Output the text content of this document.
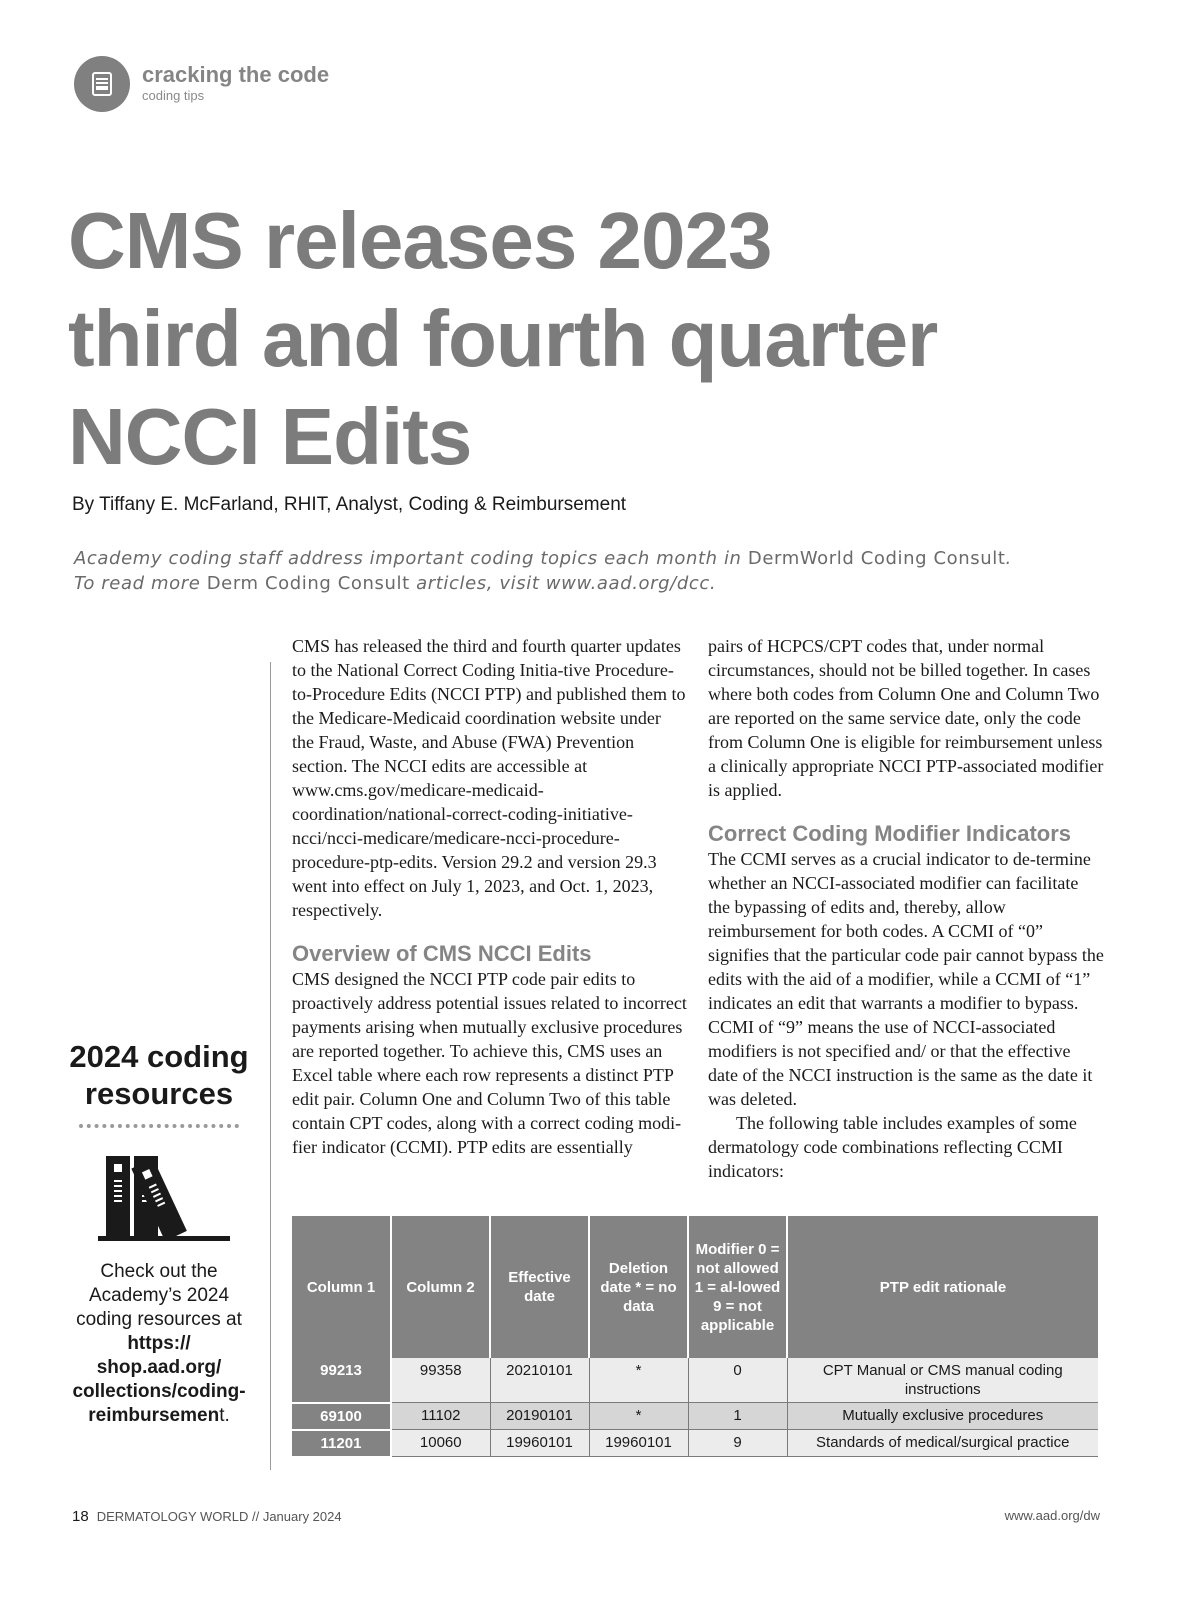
cracking the code
coding tips
CMS releases 2023
third and fourth quarter
NCCI Edits
By Tiffany E. McFarland, RHIT, Analyst, Coding & Reimbursement
Academy coding staff address important coding topics each month in DermWorld Coding Consult. To read more Derm Coding Consult articles, visit www.aad.org/dcc.
2024 coding resources
Check out the Academy’s 2024 coding resources at https:// shop.aad.org/ collections/coding-reimbursement.

CMS has released the third and fourth quarter updates to the National Correct Coding Initia-tive Procedure-to-Procedure Edits (NCCI PTP) and published them to the Medicare-Medicaid coordination website under the Fraud, Waste, and Abuse (FWA) Prevention section. The NCCI edits are accessible at www.cms.gov/medicare-medicaid-coordination/national-correct-coding-initiative-ncci/ncci-medicare/medicare-ncci-procedure-procedure-ptp-edits. Version 29.2 and version 29.3 went into effect on July 1, 2023, and Oct. 1, 2023, respectively.

Overview of CMS NCCI Edits

CMS designed the NCCI PTP code pair edits to proactively address potential issues related to incorrect payments arising when mutually exclusive procedures are reported together. To achieve this, CMS uses an Excel table where each row represents a distinct PTP edit pair. Column One and Column Two of this table contain CPT codes, along with a correct coding modi-fier indicator (CCMI). PTP edits are essentially

pairs of HCPCS/CPT codes that, under normal circumstances, should not be billed together. In cases where both codes from Column One and Column Two are reported on the same service date, only the code from Column One is eligible for reimbursement unless a clinically appropriate NCCI PTP-associated modifier is applied.

Correct Coding Modifier Indicators

The CCMI serves as a crucial indicator to de-termine whether an NCCI-associated modifier can facilitate the bypassing of edits and, thereby, allow reimbursement for both codes. A CCMI of “0” signifies that the particular code pair cannot bypass the edits with the aid of a modifier, while a CCMI of “1” indicates an edit that warrants a modifier to bypass. CCMI of “9” means the use of NCCI-associated modifiers is not specified and/ or that the effective date of the NCCI instruction is the same as the date it was deleted.

The following table includes examples of some dermatology code combinations reflecting CCMI indicators:

Column 1	Column 2	Effective date	Deletion date * = no data	Modifier 0 = not allowed 1 = al-lowed 9 = not applicable	PTP edit rationale
99213	99358	20210101	*	0	CPT Manual or CMS manual coding instructions
69100	11102	20190101	*	1	Mutually exclusive procedures
11201	10060	19960101	19960101	9	Standards of medical/surgical practice
18 DERMATOLOGY WORLD // January 2024	www.aad.org/dw
